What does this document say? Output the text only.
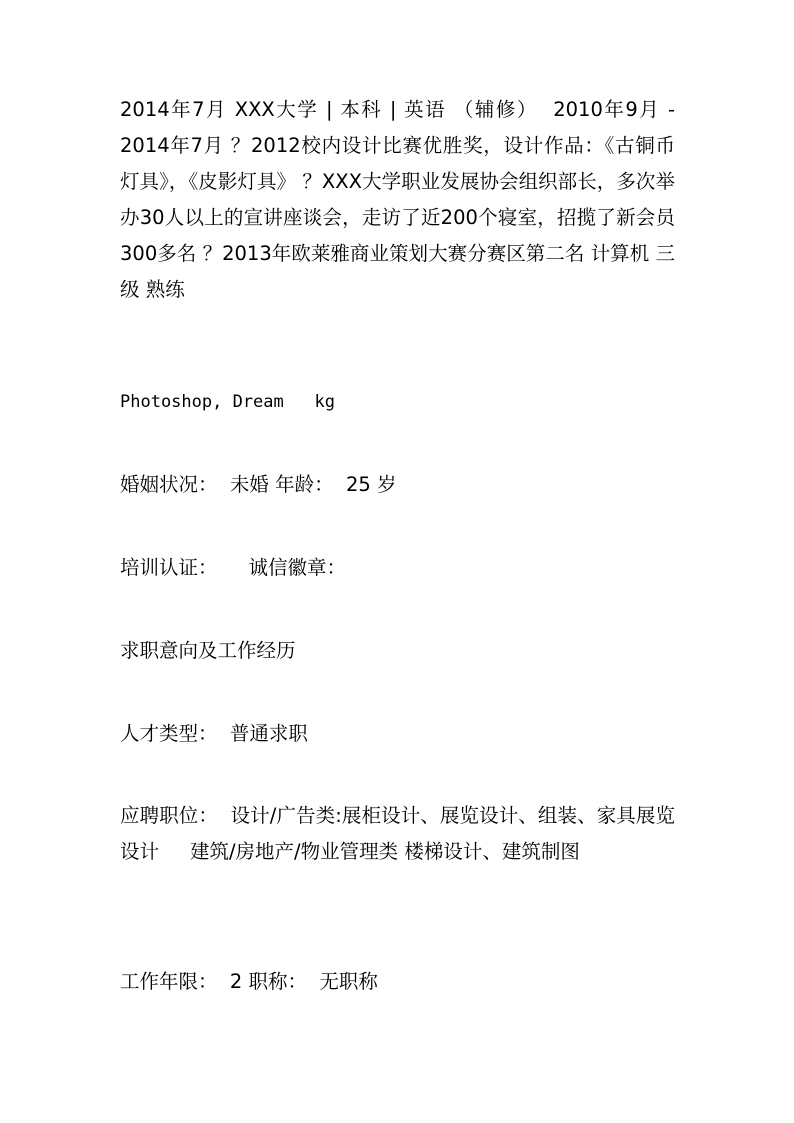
2014年7月 XXX大学 | 本科 | 英语 （辅修）  2010年9月 - 2014年7月 ？2012校内设计比赛优胜奖，设计作品：《古铜币灯具》，《皮影灯具》 ？XXX大学职业发展协会组织部长，多次举办30人以上的宣讲座谈会，走访了近200个寝室，招揽了新会员300多名 ？2013年欧莱雅商业策划大赛分赛区第二名 计算机 三级 熟练

Photoshop, Dream   kg

婚姻状况：  未婚 年龄：  25 岁

培训认证：     诚信徽章：

求职意向及工作经历

人才类型：  普通求职

应聘职位：  设计/广告类:展柜设计、展览设计、组装、家具展览设计     建筑/房地产/物业管理类 楼梯设计、建筑制图

工作年限：  2 职称：  无职称
